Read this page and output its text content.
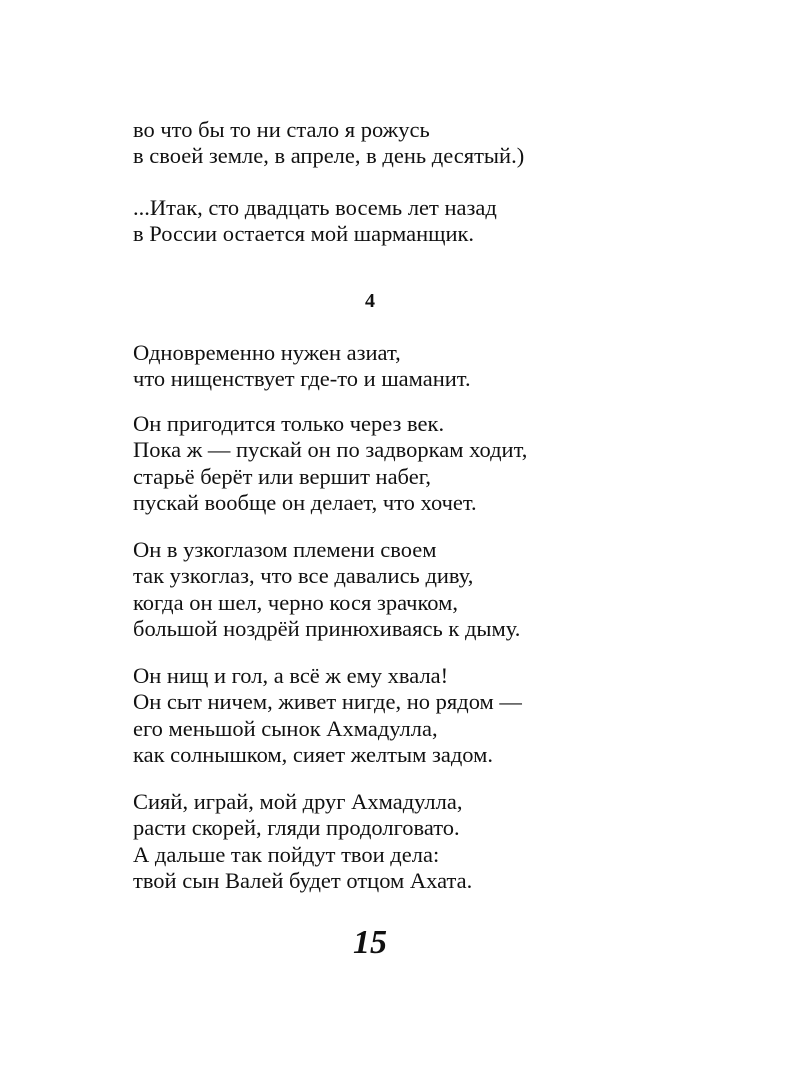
во что бы то ни стало я рожусь
в своей земле, в апреле, в день десятый.)
...Итак, сто двадцать восемь лет назад
в России остается мой шарманщик.
4
Одновременно нужен азиат,
что нищенствует где-то и шаманит.
Он пригодится только через век.
Пока ж — пускай он по задворкам ходит,
старьё берёт или вершит набег,
пускай вообще он делает, что хочет.
Он в узкоглазом племени своем
так узкоглаз, что все давались диву,
когда он шел, черно кося зрачком,
большой ноздрёй принюхиваясь к дыму.
Он нищ и гол, а всё ж ему хвала!
Он сыт ничем, живет нигде, но рядом —
его меньшой сынок Ахмадулла,
как солнышком, сияет желтым задом.
Сияй, играй, мой друг Ахмадулла,
расти скорей, гляди продолговато.
А дальше так пойдут твои дела:
твой сын Валей будет отцом Ахата.
15
